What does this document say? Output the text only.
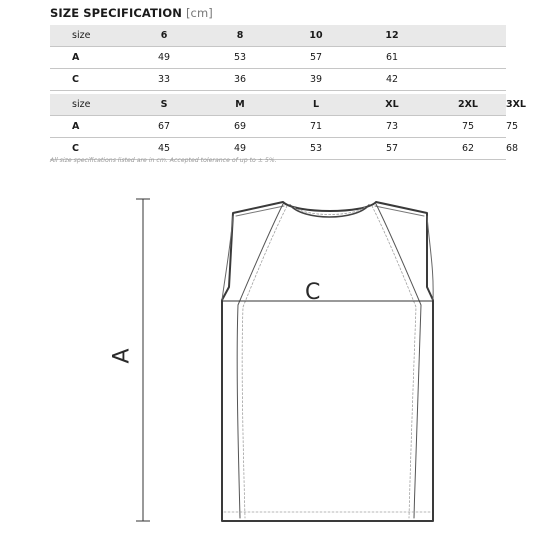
SIZE SPECIFICATION [cm]
size	6	8	10	12	
A	49	53	57	61	
C	33	36	39	42	
size	S	M	L	XL	2XL	3XL
A	67	69	71	73	75	75
C	45	49	53	57	62	68
All size specifications listed are in cm. Accepted tolerance of up to ± 5%.
C
A
